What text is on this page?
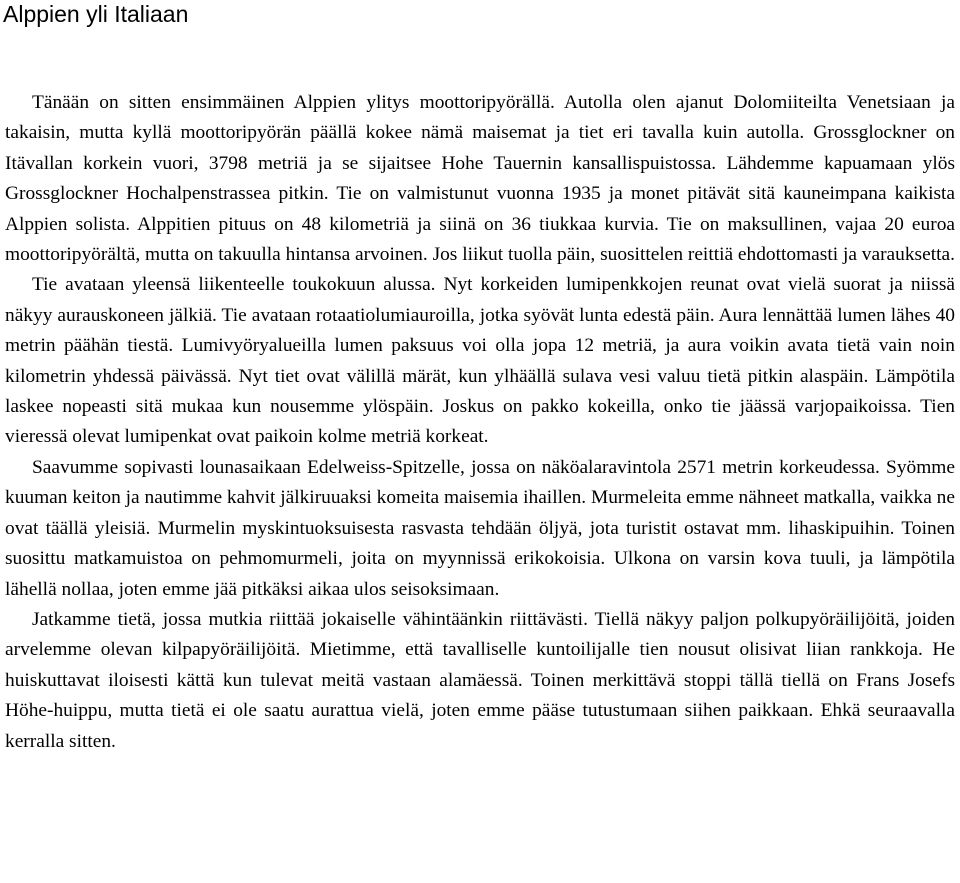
Alppien yli Italiaan

Tänään on sitten ensimmäinen Alppien ylitys moottoripyörällä. Autolla olen ajanut Dolomiiteilta Venetsiaan ja takaisin, mutta kyllä moottoripyörän päällä kokee nämä maisemat ja tiet eri tavalla kuin autolla. Grossglockner on Itävallan korkein vuori, 3798 metriä ja se sijaitsee Hohe Tauernin kansallispuistossa. Lähdemme kapuamaan ylös Grossglockner Hochalpenstrassea pitkin. Tie on valmistunut vuonna 1935 ja monet pitävät sitä kauneimpana kaikista Alppien solista. Alppitien pituus on 48 kilometriä ja siinä on 36 tiukkaa kurvia. Tie on maksullinen, vajaa 20 euroa moottoripyörältä, mutta on takuulla hintansa arvoinen. Jos liikut tuolla päin, suosittelen reittiä ehdottomasti ja varauksetta.

Tie avataan yleensä liikenteelle toukokuun alussa. Nyt korkeiden lumipenkkojen reunat ovat vielä suorat ja niissä näkyy aurauskoneen jälkiä. Tie avataan rotaatiolumiauroilla, jotka syövät lunta edestä päin. Aura lennättää lumen lähes 40 metrin päähän tiestä. Lumivyöryalueilla lumen paksuus voi olla jopa 12 metriä, ja aura voikin avata tietä vain noin kilometrin yhdessä päivässä. Nyt tiet ovat välillä märät, kun ylhäällä sulava vesi valuu tietä pitkin alaspäin. Lämpötila laskee nopeasti sitä mukaa kun nousemme ylöspäin. Joskus on pakko kokeilla, onko tie jäässä varjopaikoissa. Tien vieressä olevat lumipenkat ovat paikoin kolme metriä korkeat.

Saavumme sopivasti lounasaikaan Edelweiss-Spitzelle, jossa on näköalaravintola 2571 metrin korkeudessa. Syömme kuuman keiton ja nautimme kahvit jälkiruuaksi komeita maisemia ihaillen. Murmeleita emme nähneet matkalla, vaikka ne ovat täällä yleisiä. Murmelin myskintuoksuisesta rasvasta tehdään öljyä, jota turistit ostavat mm. lihaskipuihin. Toinen suosittu matkamuistoa on pehmomurmeli, joita on myynnissä erikokoisia. Ulkona on varsin kova tuuli, ja lämpötila lähellä nollaa, joten emme jää pitkäksi aikaa ulos seisoksimaan.

Jatkamme tietä, jossa mutkia riittää jokaiselle vähintäänkin riittävästi. Tiellä näkyy paljon polkupyöräilijöitä, joiden arvelemme olevan kilpapyöräilijöitä. Mietimme, että tavalliselle kuntoilijalle tien nousut olisivat liian rankkoja. He huiskuttavat iloisesti kättä kun tulevat meitä vastaan alamäessä. Toinen merkittävä stoppi tällä tiellä on Frans Josefs Höhe-huippu, mutta tietä ei ole saatu aurattua vielä, joten emme pääse tutustumaan siihen paikkaan. Ehkä seuraavalla kerralla sitten.
